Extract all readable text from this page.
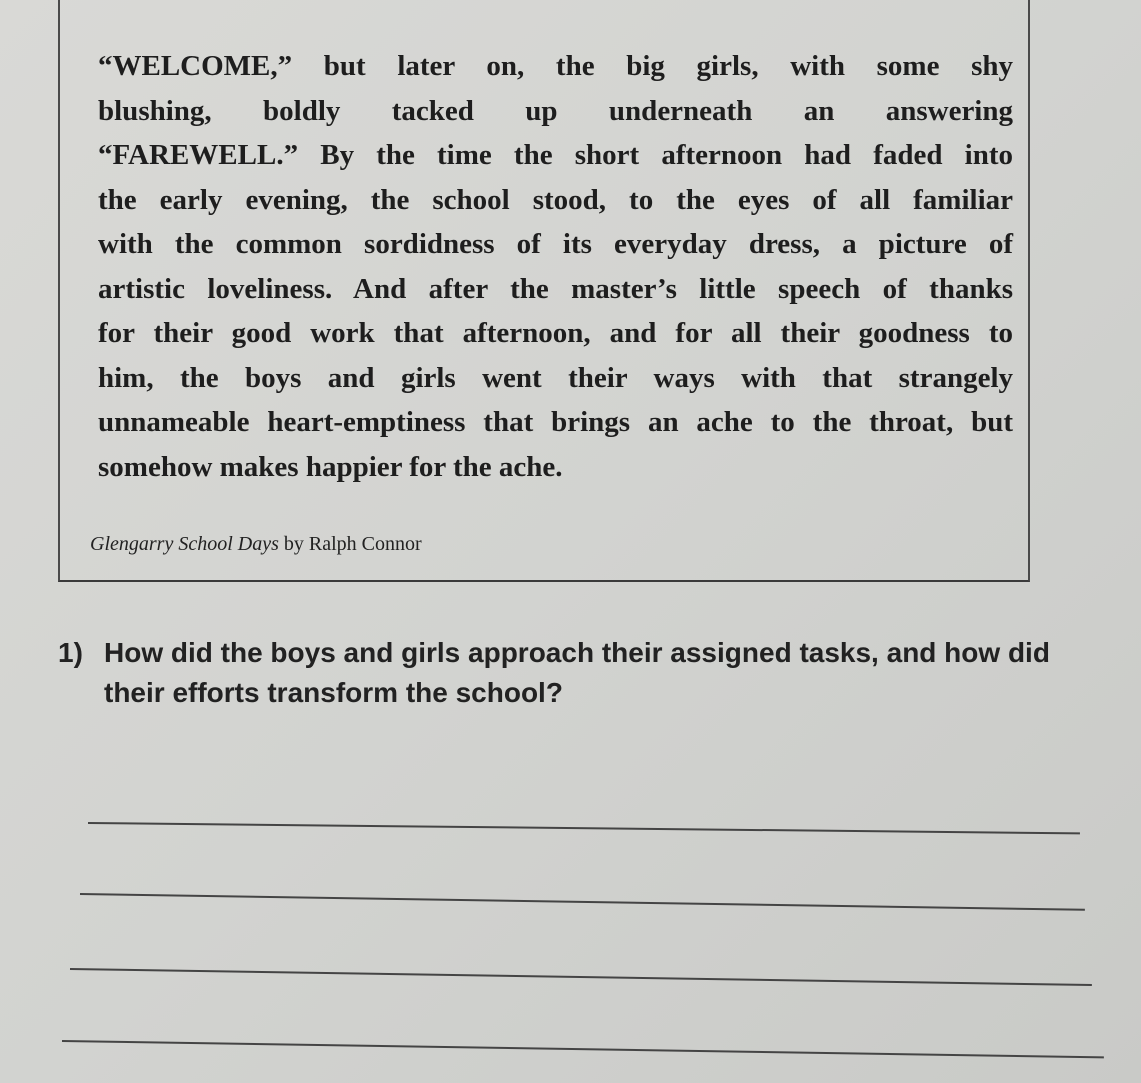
“WELCOME,” but later on, the big girls, with some shy
blushing, boldly tacked up underneath an answering
“FAREWELL.” By the time the short afternoon had faded into
the early evening, the school stood, to the eyes of all familiar
with the common sordidness of its everyday dress, a picture of
artistic loveliness. And after the master’s little speech of thanks
for their good work that afternoon, and for all their goodness to
him, the boys and girls went their ways with that strangely
unnameable heart-emptiness that brings an ache to the throat, but
somehow makes happier for the ache.
Glengarry School Days by Ralph Connor
1) How did the boys and girls approach their assigned tasks, and how did their efforts transform the school?
